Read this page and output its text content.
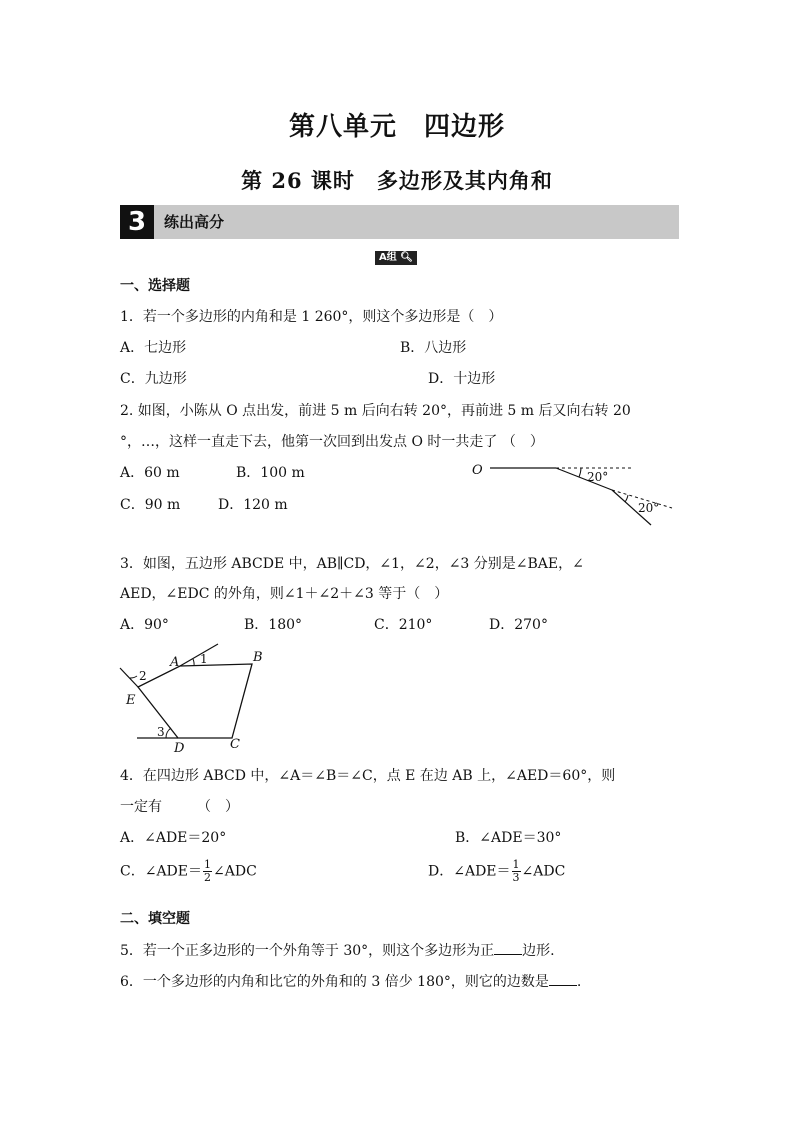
第八单元　四边形
第 26 课时　多边形及其内角和
3	练出高分
A组 🔍︎
一、选择题
1．若一个多边形的内角和是 1 260°，则这个多边形是（　）
A．七边形	B．八边形
C．九边形	D．十边形
2. 如图，小陈从 O 点出发，前进 5 m 后向右转 20°，再前进 5 m 后又向右转 20
°，…，这样一直走下去，他第一次回到出发点 O 时一共走了 （　）
A．60 m	B．100 m
C．90 m	D．120 m
O	20°
20°
3．如图，五边形 ABCDE 中，AB∥CD，∠1，∠2，∠3 分别是∠BAE，∠
AED，∠EDC 的外角，则∠1＋∠2＋∠3 等于（　）
A．90°	B．180°	C．210°	D．270°
A	B
C
D
E
1
2
3
4．在四边形 ABCD 中，∠A＝∠B＝∠C，点 E 在边 AB 上，∠AED＝60°，则
一定有　　　（　）
A．∠ADE＝20°	B．∠ADE＝30°
C．∠ADE＝ $\frac{1}{2}$ ∠ADC	D．∠ADE＝ $\frac{1}{3}$ ∠ADC
二、填空题
5．若一个正多边形的一个外角等于 30°，则这个多边形为正 边形.
6．一个多边形的内角和比它的外角和的 3 倍少 180°，则它的边数是 .
